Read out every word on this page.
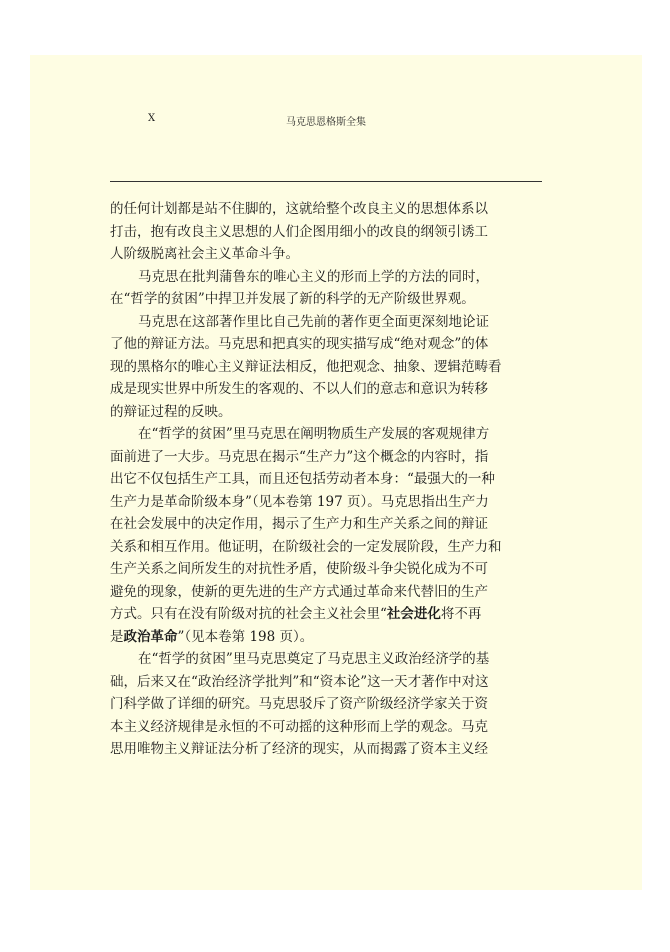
X	马克思恩格斯全集
的任何计划都是站不住脚的，这就给整个改良主义的思想体系以
打击，抱有改良主义思想的人们企图用细小的改良的纲领引诱工
人阶级脱离社会主义革命斗争。
马克思在批判蒲鲁东的唯心主义的形而上学的方法的同时，
在“哲学的贫困”中捍卫并发展了新的科学的无产阶级世界观。
马克思在这部著作里比自己先前的著作更全面更深刻地论证
了他的辩证方法。马克思和把真实的现实描写成“绝对观念”的体
现的黑格尔的唯心主义辩证法相反，他把观念、抽象、逻辑范畴看
成是现实世界中所发生的客观的、不以人们的意志和意识为转移
的辩证过程的反映。
在“哲学的贫困”里马克思在阐明物质生产发展的客观规律方
面前进了一大步。马克思在揭示“生产力”这个概念的内容时，指
出它不仅包括生产工具，而且还包括劳动者本身：“最强大的一种
生产力是革命阶级本身”（见本卷第 197 页）。马克思指出生产力
在社会发展中的决定作用，揭示了生产力和生产关系之间的辩证
关系和相互作用。他证明，在阶级社会的一定发展阶段，生产力和
生产关系之间所发生的对抗性矛盾，使阶级斗争尖锐化成为不可
避免的现象，使新的更先进的生产方式通过革命来代替旧的生产
方式。只有在没有阶级对抗的社会主义社会里“社会进化将不再
是政治革命”（见本卷第 198 页）。
在“哲学的贫困”里马克思奠定了马克思主义政治经济学的基
础，后来又在“政治经济学批判”和“资本论”这一天才著作中对这
门科学做了详细的研究。马克思驳斥了资产阶级经济学家关于资
本主义经济规律是永恒的不可动摇的这种形而上学的观念。马克
思用唯物主义辩证法分析了经济的现实，从而揭露了资本主义经
